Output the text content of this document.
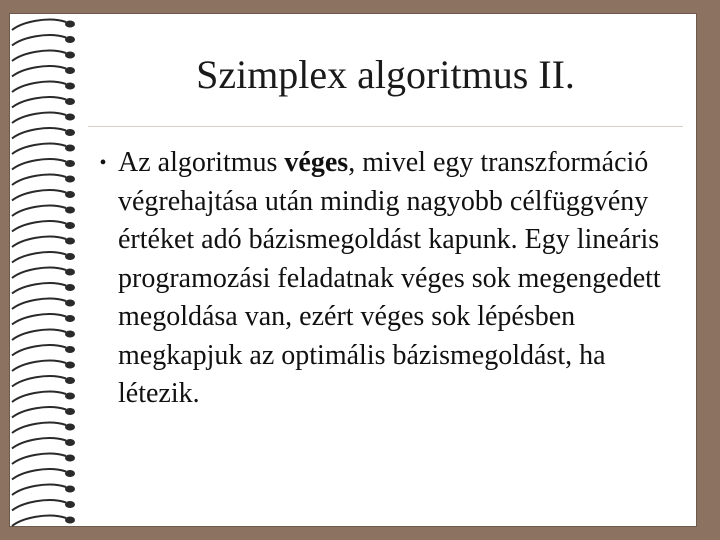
Szimplex algoritmus II.
• Az algoritmus véges, mivel egy transzformáció végrehajtása után mindig nagyobb célfüggvény értéket adó bázismegoldást kapunk. Egy lineáris programozási feladatnak véges sok megengedett megoldása van, ezért véges sok lépésben megkapjuk az optimális bázismegoldást, ha létezik.
